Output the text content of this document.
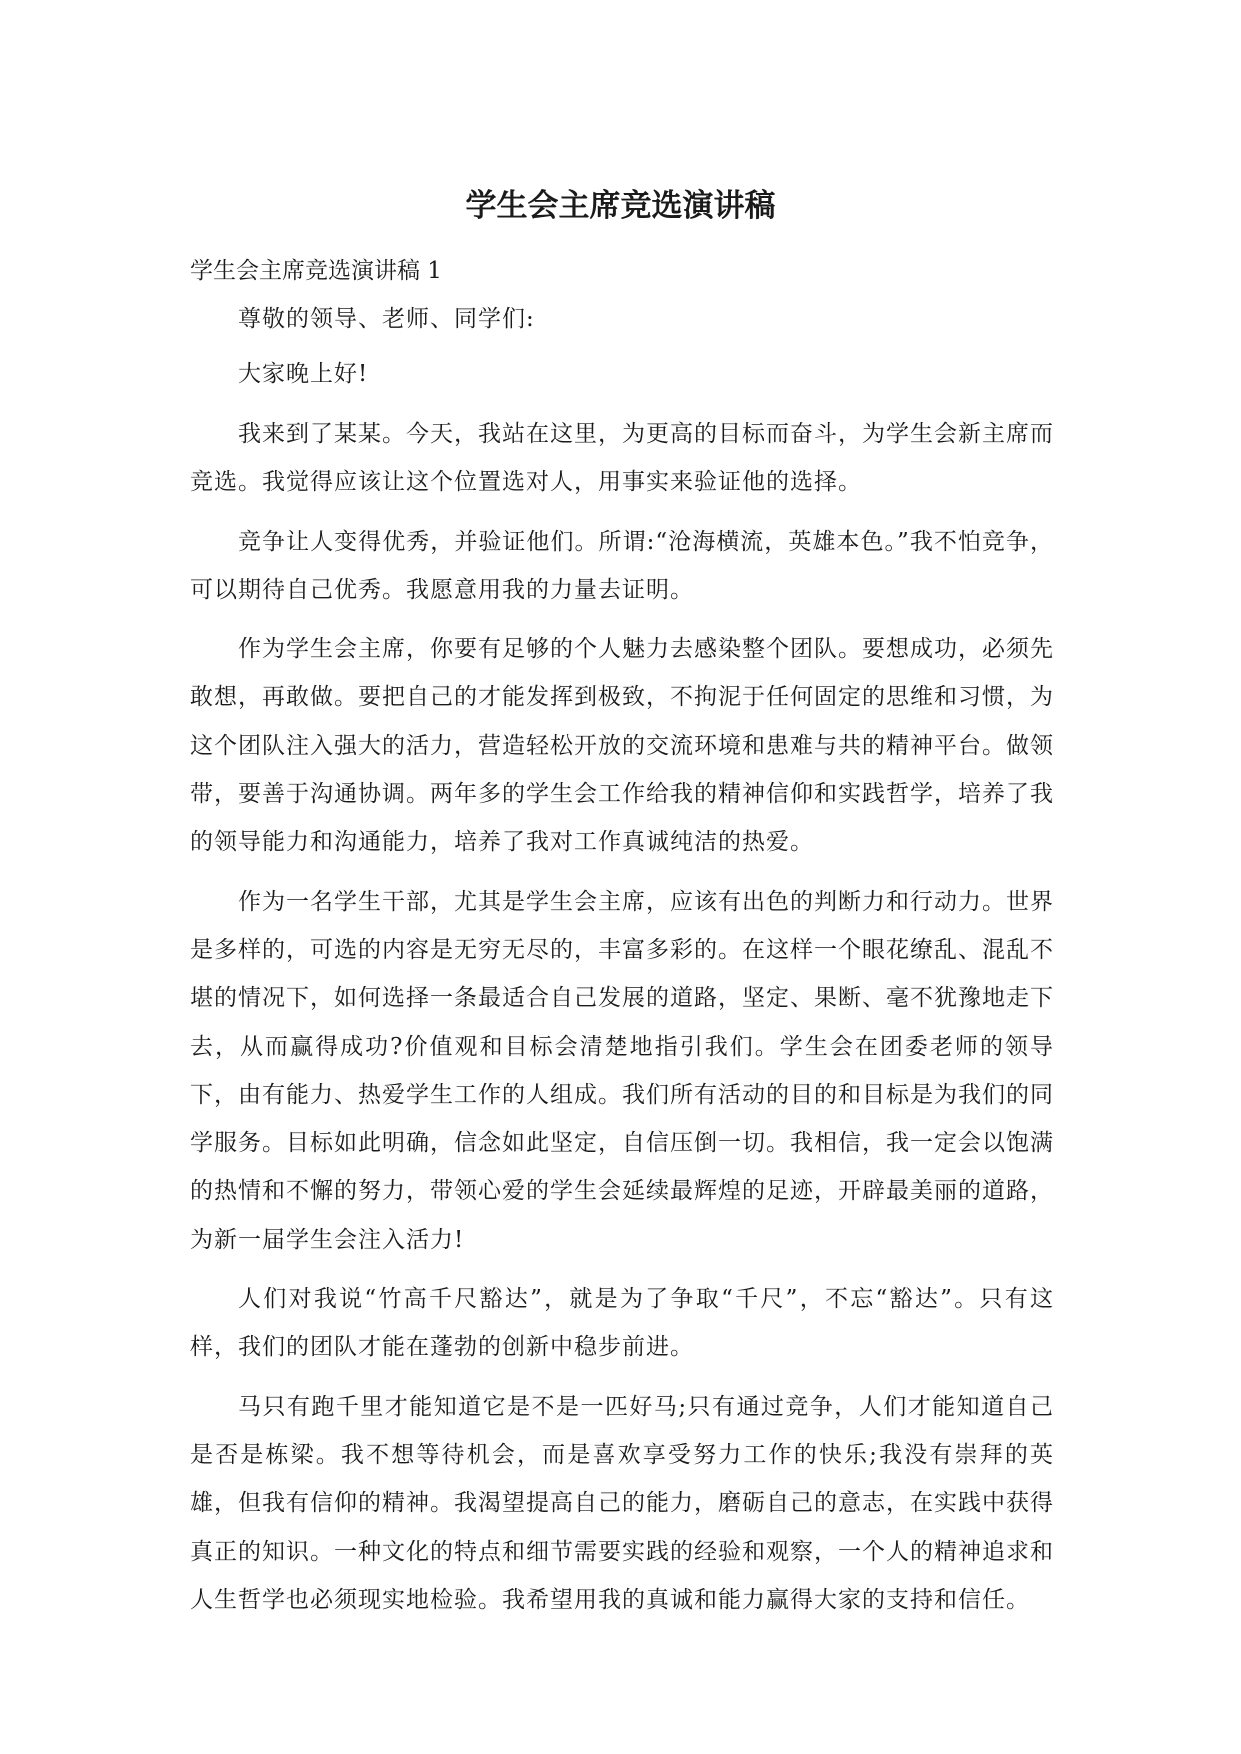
学生会主席竞选演讲稿

学生会主席竞选演讲稿 1

尊敬的领导、老师、同学们:

大家晚上好!

我来到了某某。今天，我站在这里，为更高的目标而奋斗，为学生会新主席而竞选。我觉得应该让这个位置选对人，用事实来验证他的选择。

竞争让人变得优秀，并验证他们。所谓:“沧海横流，英雄本色。”我不怕竞争，可以期待自己优秀。我愿意用我的力量去证明。

作为学生会主席，你要有足够的个人魅力去感染整个团队。要想成功，必须先敢想，再敢做。要把自己的才能发挥到极致，不拘泥于任何固定的思维和习惯，为这个团队注入强大的活力，营造轻松开放的交流环境和患难与共的精神平台。做领带，要善于沟通协调。两年多的学生会工作给我的精神信仰和实践哲学，培养了我的领导能力和沟通能力，培养了我对工作真诚纯洁的热爱。

作为一名学生干部，尤其是学生会主席，应该有出色的判断力和行动力。世界是多样的，可选的内容是无穷无尽的，丰富多彩的。在这样一个眼花缭乱、混乱不堪的情况下，如何选择一条最适合自己发展的道路，坚定、果断、毫不犹豫地走下去，从而赢得成功?价值观和目标会清楚地指引我们。学生会在团委老师的领导下，由有能力、热爱学生工作的人组成。我们所有活动的目的和目标是为我们的同学服务。目标如此明确，信念如此坚定，自信压倒一切。我相信，我一定会以饱满的热情和不懈的努力，带领心爱的学生会延续最辉煌的足迹，开辟最美丽的道路，为新一届学生会注入活力!

人们对我说“竹高千尺豁达”，就是为了争取“千尺”，不忘“豁达”。只有这样，我们的团队才能在蓬勃的创新中稳步前进。

马只有跑千里才能知道它是不是一匹好马;只有通过竞争，人们才能知道自己是否是栋梁。我不想等待机会，而是喜欢享受努力工作的快乐;我没有崇拜的英雄，但我有信仰的精神。我渴望提高自己的能力，磨砺自己的意志，在实践中获得真正的知识。一种文化的特点和细节需要实践的经验和观察，一个人的精神追求和人生哲学也必须现实地检验。我希望用我的真诚和能力赢得大家的支持和信任。
